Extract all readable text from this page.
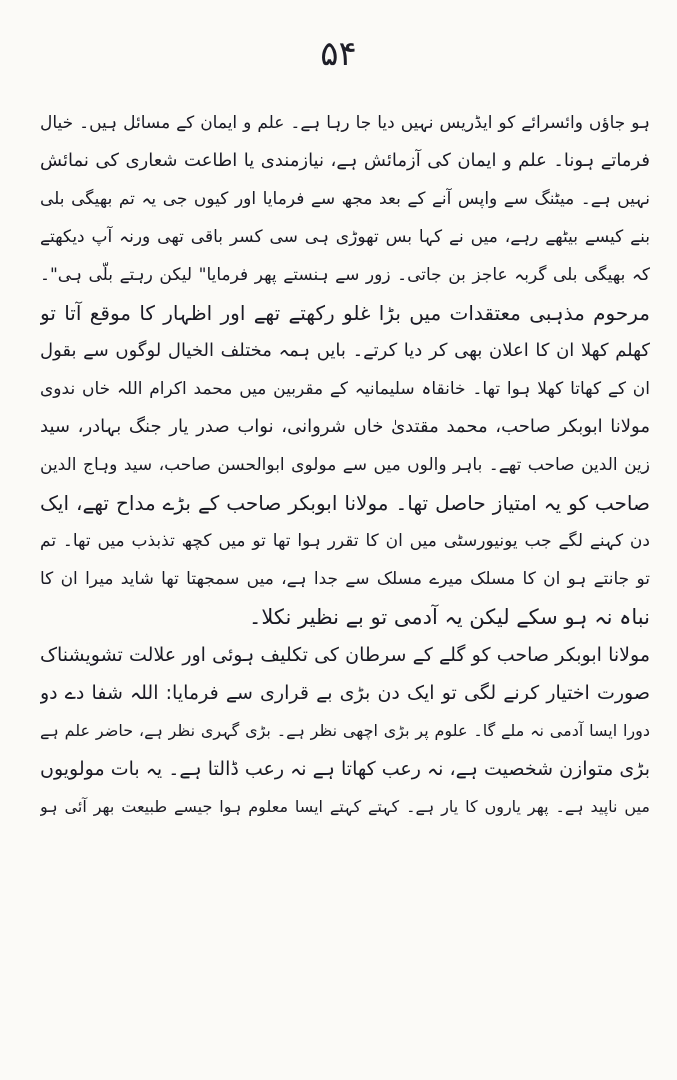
۵۴
ہو جاؤں وائسرائے کو ایڈریس نہیں دیا جا رہا ہے۔ علم و ایمان کے مسائل ہیں۔ خیال
فرماتے ہونا۔ علم و ایمان کی آزمائش ہے، نیازمندی یا اطاعت شعاری کی نمائش
نہیں ہے۔ میٹنگ سے واپس آنے کے بعد مجھ سے فرمایا اور کیوں جی یہ تم بھیگی بلی
بنے کیسے بیٹھے رہے، میں نے کہا بس تھوڑی ہی سی کسر باقی تھی ورنہ آپ دیکھتے
کہ بھیگی بلی گربہ عاجز بن جاتی۔ زور سے ہنستے پھر فرمایا" لیکن رہتے بلّی ہی"۔
مرحوم مذہبی معتقدات میں بڑا غلو رکھتے تھے اور اظہار کا موقع آتا تو
کھلم کھلا ان کا اعلان بھی کر دیا کرتے۔ بایں ہمہ مختلف الخیال لوگوں سے بقول
ان کے کھاتا کھلا ہوا تھا۔ خانقاہ سلیمانیہ کے مقربین میں محمد اکرام اللہ خاں ندوی
مولانا ابوبکر صاحب، محمد مقتدیٰ خاں شروانی، نواب صدر یار جنگ بہادر، سید
زین الدین صاحب تھے۔ باہر والوں میں سے مولوی ابوالحسن صاحب، سید وہاج الدین
صاحب کو یہ امتیاز حاصل تھا۔ مولانا ابوبکر صاحب کے بڑے مداح تھے، ایک
دن کہنے لگے جب یونیورسٹی میں ان کا تقرر ہوا تھا تو میں کچھ تذبذب میں تھا۔ تم
تو جانتے ہو ان کا مسلک میرے مسلک سے جدا ہے، میں سمجھتا تھا شاید میرا ان کا
نباہ نہ ہو سکے لیکن یہ آدمی تو بے نظیر نکلا۔
مولانا ابوبکر صاحب کو گلے کے سرطان کی تکلیف ہوئی اور علالت تشویشناک
صورت اختیار کرنے لگی تو ایک دن بڑی بے قراری سے فرمایا: اللہ شفا دے دو
دورا ایسا آدمی نہ ملے گا۔ علوم پر بڑی اچھی نظر ہے۔ بڑی گہری نظر ہے، حاضر علم ہے
بڑی متوازن شخصیت ہے، نہ رعب کھاتا ہے نہ رعب ڈالتا ہے۔ یہ بات مولویوں
میں ناپید ہے۔ پھر یاروں کا یار ہے۔ کہتے کہتے ایسا معلوم ہوا جیسے طبیعت بھر آئی ہو
